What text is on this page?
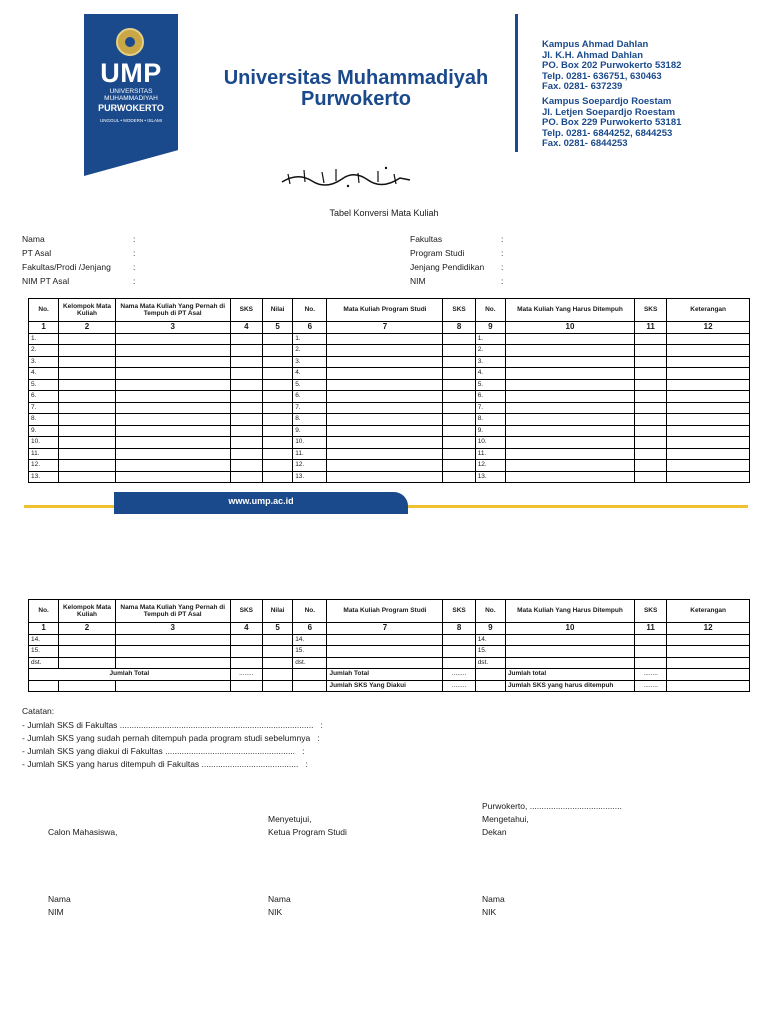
UMP
UNIVERSITAS MUHAMMADIYAH
PURWOKERTO
UNGGUL • MODERN • ISLAMI
Universitas Muhammadiyah Purwokerto
Kampus Ahmad Dahlan
Jl. K.H. Ahmad Dahlan
PO. Box 202 Purwokerto 53182
Telp. 0281- 636751, 630463
Fax. 0281- 637239
Kampus Soepardjo Roestam
Jl. Letjen Soepardjo Roestam
PO. Box 229 Purwokerto 53181
Telp. 0281- 6844252, 6844253
Fax. 0281- 6844253
Tabel Konversi Mata Kuliah
Nama	:
PT Asal	:
Fakultas/Prodi /Jenjang	:
NIM PT Asal	:
Fakultas	:
Program Studi	:
Jenjang Pendidikan :
NIM	:
No.	Kelompok Mata Kuliah	Nama Mata Kuliah Yang Pernah di Tempuh di PT Asal	SKS	Nilai	No.	Mata Kuliah Program Studi	SKS	No.	Mata Kuliah Yang Harus Ditempuh	SKS	Keterangan
1	2	3	4	5	6	7	8	9	10	11	12
1.					1.			1.			
2.					2.			2.			
3.					3.			3.			
4.					4.			4.			
5.					5.			5.			
6.					6.			6.			
7.					7.			7.			
8.					8.			8.			
9.					9.			9.			
10.					10.			10.			
11.					11.			11.			
12.					12.			12.			
13.					13.			13.			
www.ump.ac.id
No.	Kelompok Mata Kuliah	Nama Mata Kuliah Yang Pernah di Tempuh di PT Asal	SKS	Nilai	No.	Mata Kuliah Program Studi	SKS	No.	Mata Kuliah Yang Harus Ditempuh	SKS	Keterangan
1	2	3	4	5	6	7	8	9	10	11	12
14.					14.			14.			
15.					15.			15.			
dst.					dst.			dst.			
Jumlah Total			........			Jumlah Total	........		Jumlah total	........	
						Jumlah SKS Yang Diakui	........		Jumlah SKS yang harus ditempuh	........	
Catatan:
- Jumlah SKS di Fakultas ..................................................................................   :
- Jumlah SKS yang sudah pernah ditempuh pada program studi sebelumnya   :
- Jumlah SKS yang diakui di Fakultas .......................................................   :
- Jumlah SKS yang harus ditempuh di Fakultas .........................................   :
Purwokerto, .......................................
Calon Mahasiswa,
Nama
NIM
Menyetujui,
Ketua Program Studi
Nama
NIK
Mengetahui,
Dekan
Nama
NIK
